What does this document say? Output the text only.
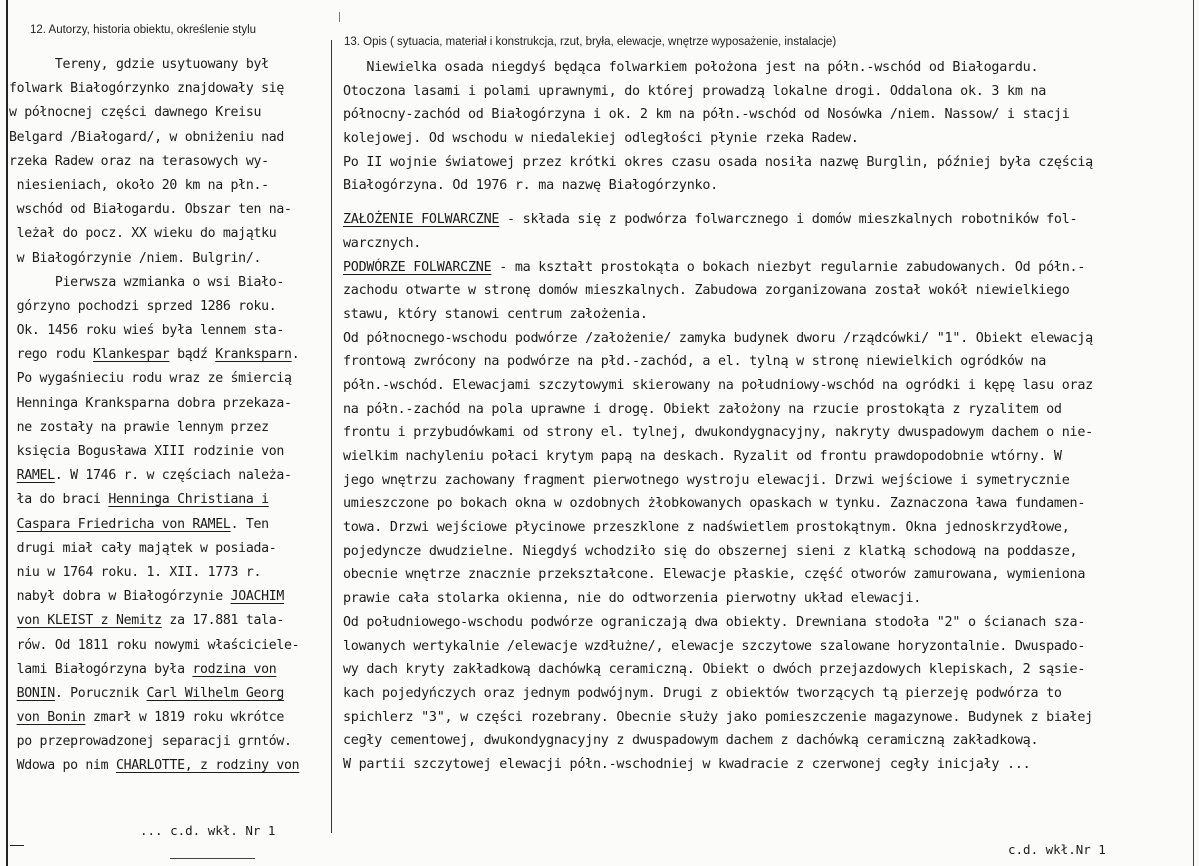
12. Autorzy, historia obiektu, określenie stylu
13. Opis ( sytuacia, materiał i konstrukcja, rzut, bryła, elewacje, wnętrze wyposażenie, instalacje)
Tereny, gdzie usytuowany był
folwark Białogórzynko znajdowały się
w północnej części dawnego Kreisu
Belgard /Białogard/, w obniżeniu nad
rzeka Radew oraz na terasowych wy-
niesieniach, około 20 km na płn.-
wschód od Białogardu. Obszar ten na-
leżał do pocz. XX wieku do majątku
w Białogórzynie /niem. Bulgrin/.
Pierwsza wzmianka o wsi Biało-
górzyno pochodzi sprzed 1286 roku.
Ok. 1456 roku wieś była lennem sta-
rego rodu Klankespar bądź Kranksparn.
Po wygaśnieciu rodu wraz ze śmiercią
Henninga Kranksparna dobra przekaza-
ne zostały na prawie lennym przez
księcia Bogusława XIII rodzinie von
RAMEL. W 1746 r. w częściach należa-
ła do braci Henninga Christiana i
Caspara Friedricha von RAMEL. Ten
drugi miał cały majątek w posiada-
niu w 1764 roku. 1. XII. 1773 r.
nabył dobra w Białogórzynie JOACHIM
von KLEIST z Nemitz za 17.881 tala-
rów. Od 1811 roku nowymi właściciele-
lami Białogórzyna była rodzina von
BONIN. Porucznik Carl Wilhelm Georg
von Bonin zmarł w 1819 roku wkrótce
po przeprowadzonej separacji grntów.
Wdowa po nim CHARLOTTE, z rodziny von
Niewielka osada niegdyś będąca folwarkiem położona jest na półn.-wschód od Białogardu.
Otoczona lasami i polami uprawnymi, do której prowadzą lokalne drogi. Oddalona ok. 3 km na
północny-zachód od Białogórzyna i ok. 2 km na półn.-wschód od Nosówka /niem. Nassow/ i stacji
kolejowej. Od wschodu w niedalekiej odległości płynie rzeka Radew.
Po II wojnie światowej przez krótki okres czasu osada nosiła nazwę Burglin, później była częścią
Białogórzyna. Od 1976 r. ma nazwę Białogórzynko.
ZAŁOŻENIE FOLWARCZNE - składa się z podwórza folwarcznego i domów mieszkalnych robotników fol-
warcznych.
PODWÓRZE FOLWARCZNE - ma kształt prostokąta o bokach niezbyt regularnie zabudowanych. Od półn.-
zachodu otwarte w stronę domów mieszkalnych. Zabudowa zorganizowana został wokół niewielkiego
stawu, który stanowi centrum założenia.
Od północnego-wschodu podwórze /założenie/ zamyka budynek dworu /rządcówki/ "1". Obiekt elewacją
frontową zwrócony na podwórze na płd.-zachód, a el. tylną w stronę niewielkich ogródków na
półn.-wschód. Elewacjami szczytowymi skierowany na południowy-wschód na ogródki i kępę lasu oraz
na półn.-zachód na pola uprawne i drogę. Obiekt założony na rzucie prostokąta z ryzalitem od
frontu i przybudówkami od strony el. tylnej, dwukondygnacyjny, nakryty dwuspadowym dachem o nie-
wielkim nachyleniu połaci krytym papą na deskach. Ryzalit od frontu prawdopodobnie wtórny. W
jego wnętrzu zachowany fragment pierwotnego wystroju elewacji. Drzwi wejściowe i symetrycznie
umieszczone po bokach okna w ozdobnych żłobkowanych opaskach w tynku. Zaznaczona ława fundamen-
towa. Drzwi wejściowe płycinowe przeszklone z nadświetlem prostokątnym. Okna jednoskrzydłowe,
pojedyncze dwudzielne. Niegdyś wchodziło się do obszernej sieni z klatką schodową na poddasze,
obecnie wnętrze znacznie przekształcone. Elewacje płaskie, część otworów zamurowana, wymieniona
prawie cała stolarka okienna, nie do odtworzenia pierwotny układ elewacji.
Od południowego-wschodu podwórze ograniczają dwa obiekty. Drewniana stodoła "2" o ścianach sza-
lowanych wertykalnie /elewacje wzdłużne/, elewacje szczytowe szalowane horyzontalnie. Dwuspado-
wy dach kryty zakładkową dachówką ceramiczną. Obiekt o dwóch przejazdowych klepiskach, 2 sąsie-
kach pojedyńczych oraz jednym podwójnym. Drugi z obiektów tworzących tą pierzeję podwórza to
spichlerz "3", w części rozebrany. Obecnie służy jako pomieszczenie magazynowe. Budynek z białej
cegły cementowej, dwukondygnacyjny z dwuspadowym dachem z dachówką ceramiczną zakładkową.
W partii szczytowej elewacji półn.-wschodniej w kwadracie z czerwonej cegły inicjały ...
... c.d. wkł. Nr 1
c.d. wkł.Nr 1
